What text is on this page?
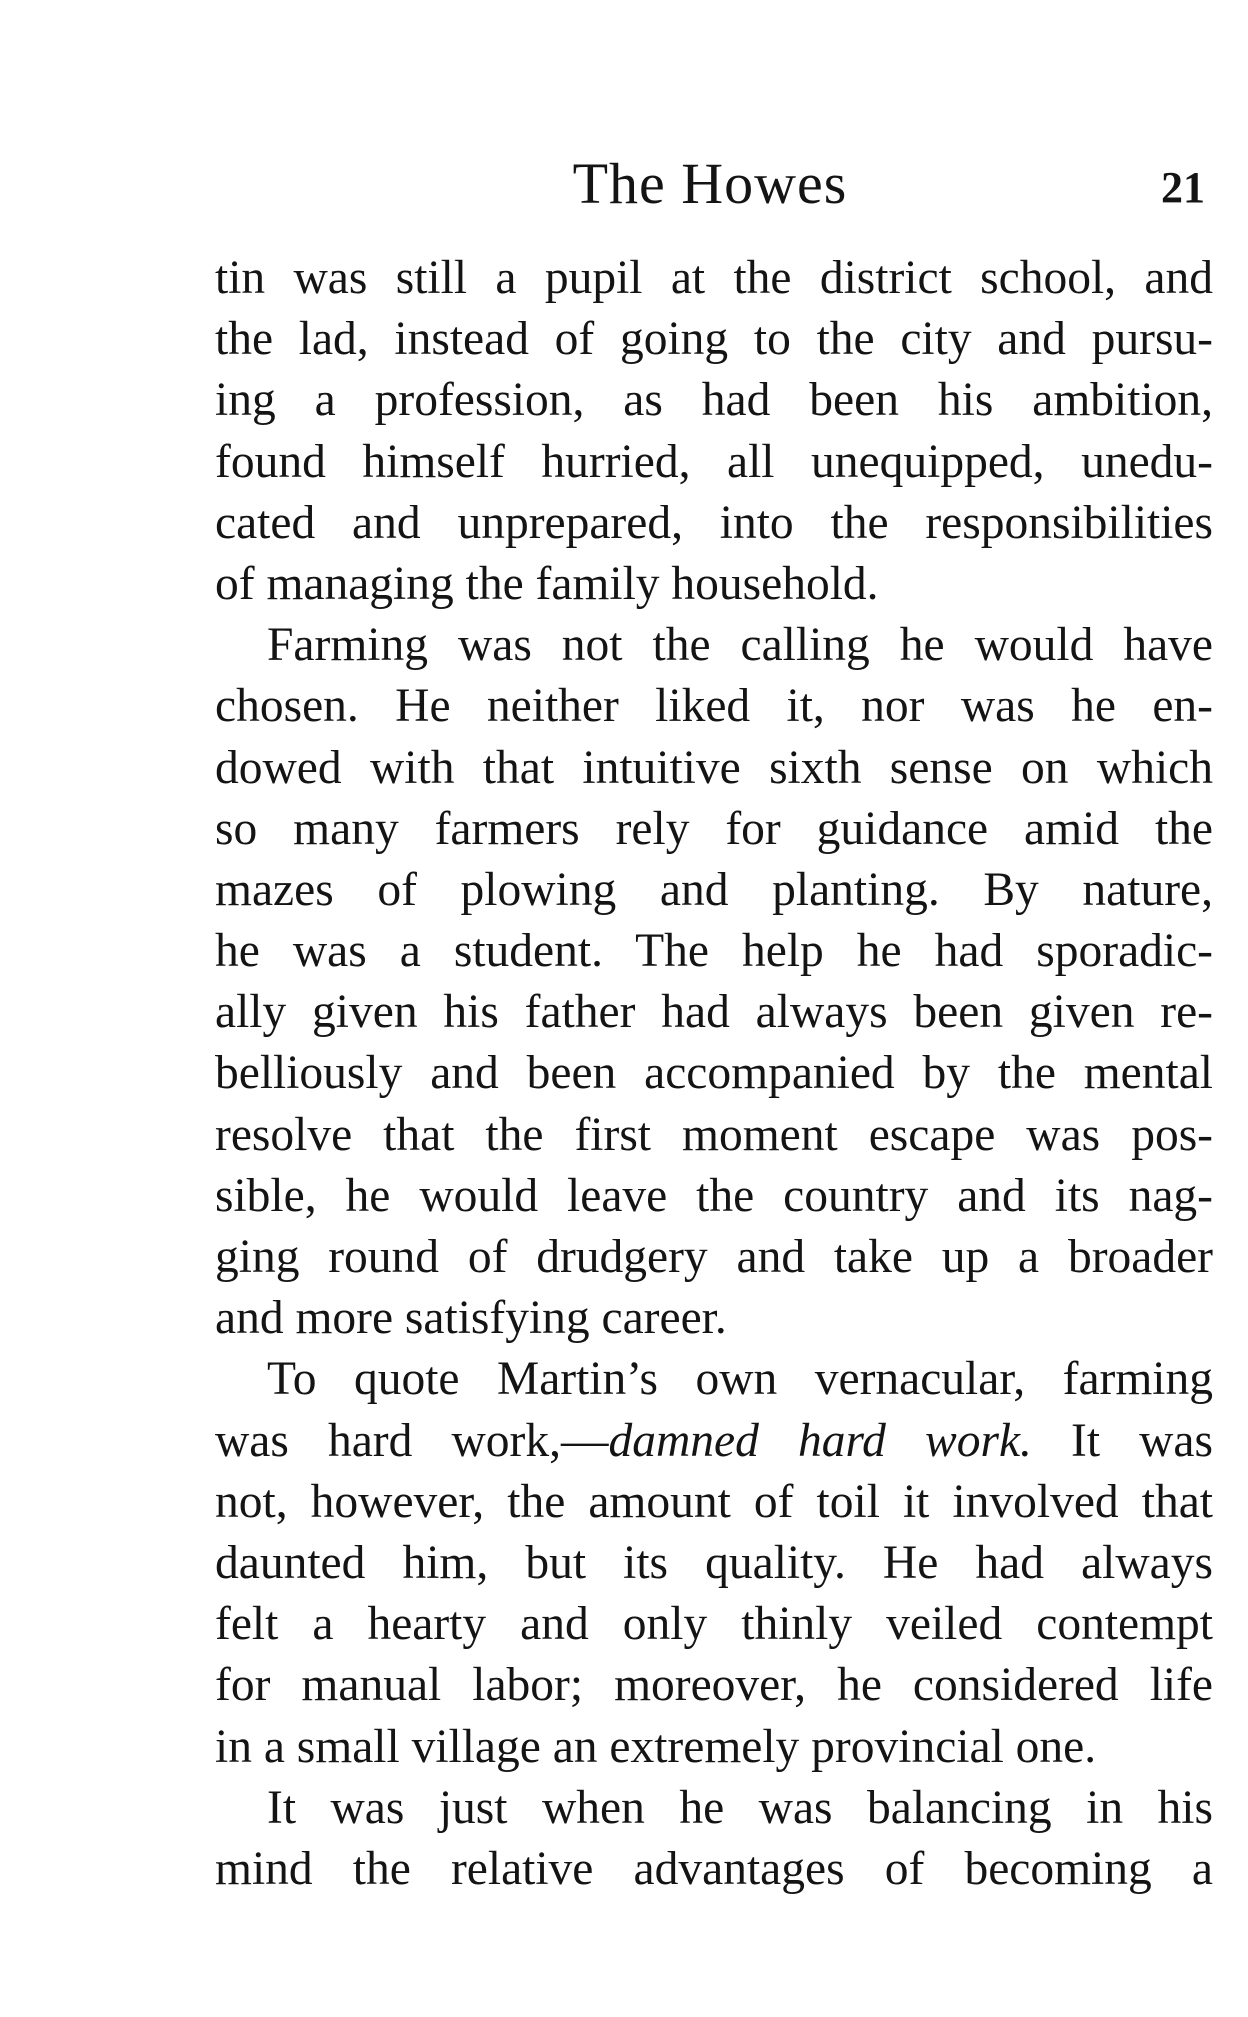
The Howes	21
tin was still a pupil at the district school, and
the lad, instead of going to the city and pursu-
ing a profession, as had been his ambition,
found himself hurried, all unequipped, unedu-
cated and unprepared, into the responsibilities
of managing the family household.
Farming was not the calling he would have
chosen. He neither liked it, nor was he en-
dowed with that intuitive sixth sense on which
so many farmers rely for guidance amid the
mazes of plowing and planting. By nature,
he was a student. The help he had sporadic-
ally given his father had always been given re-
belliously and been accompanied by the mental
resolve that the first moment escape was pos-
sible, he would leave the country and its nag-
ging round of drudgery and take up a broader
and more satisfying career.
To quote Martin’s own vernacular, farming
was hard work,—damned hard work. It was
not, however, the amount of toil it involved that
daunted him, but its quality. He had always
felt a hearty and only thinly veiled contempt
for manual labor; moreover, he considered life
in a small village an extremely provincial one.
It was just when he was balancing in his
mind the relative advantages of becoming a
